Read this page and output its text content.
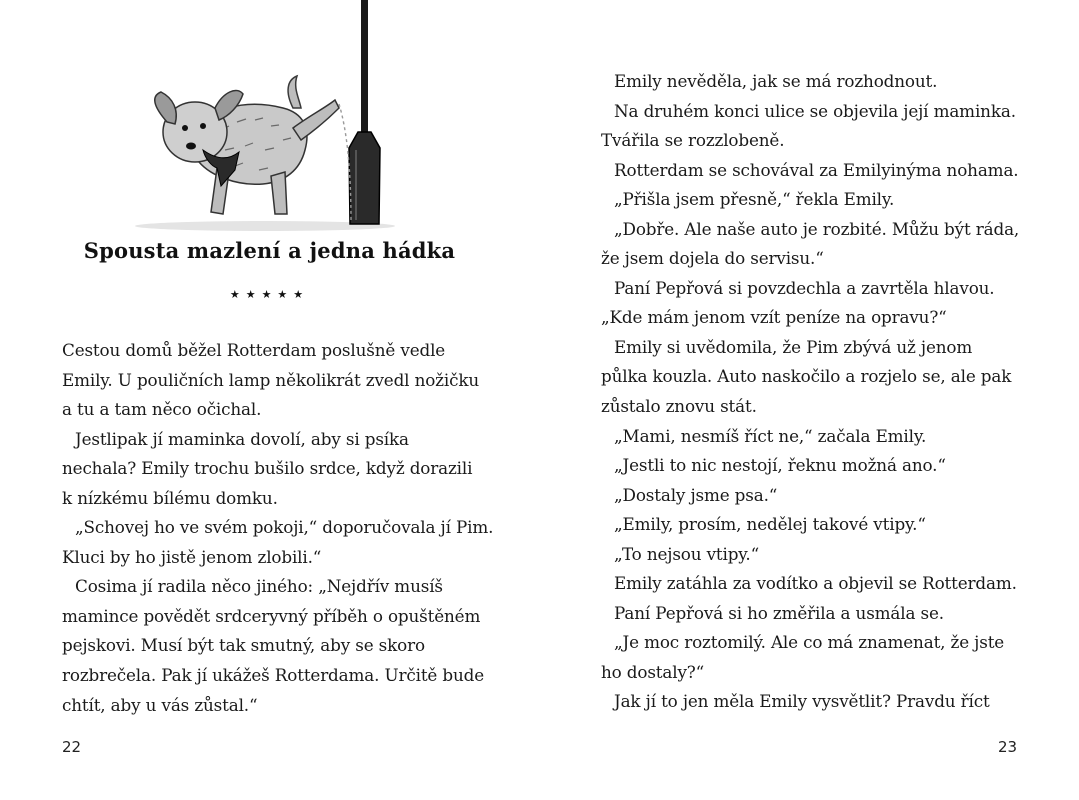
Spousta mazlení a jedna hádka
★★★★★

Cestou domů běžel Rotterdam poslušně vedle

Emily. U pouličních lamp několikrát zvedl nožičku

a tu a tam něco očichal.

Jestlipak jí maminka dovolí, aby si psíka

nechala? Emily trochu bušilo srdce, když dorazili

k nízkému bílému domku.

„Schovej ho ve svém pokoji,“ doporučovala jí Pim.

Kluci by ho jistě jenom zlobili.“

Cosima jí radila něco jiného: „Nejdřív musíš

mamince povědět srdceryvný příběh o opuštěném

pejskovi. Musí být tak smutný, aby se skoro

rozbrečela. Pak jí ukážeš Rotterdama. Určitě bude

chtít, aby u vás zůstal.“

22

Emily nevěděla, jak se má rozhodnout.

Na druhém konci ulice se objevila její maminka.

Tvářila se rozzlobeně.

Rotterdam se schovával za Emilyinýma nohama.

„Přišla jsem přesně,“ řekla Emily.

„Dobře. Ale naše auto je rozbité. Můžu být ráda,

že jsem dojela do servisu.“

Paní Pepřová si povzdechla a zavrtěla hlavou.

„Kde mám jenom vzít peníze na opravu?“

Emily si uvědomila, že Pim zbývá už jenom

půlka kouzla. Auto naskočilo a rozjelo se, ale pak

zůstalo znovu stát.

„Mami, nesmíš říct ne,“ začala Emily.

„Jestli to nic nestojí, řeknu možná ano.“

„Dostaly jsme psa.“

„Emily, prosím, nedělej takové vtipy.“

„To nejsou vtipy.“

Emily zatáhla za vodítko a objevil se Rotterdam.

Paní Pepřová si ho změřila a usmála se.

„Je moc roztomilý. Ale co má znamenat, že jste

ho dostaly?“

Jak jí to jen měla Emily vysvětlit? Pravdu říct

23
